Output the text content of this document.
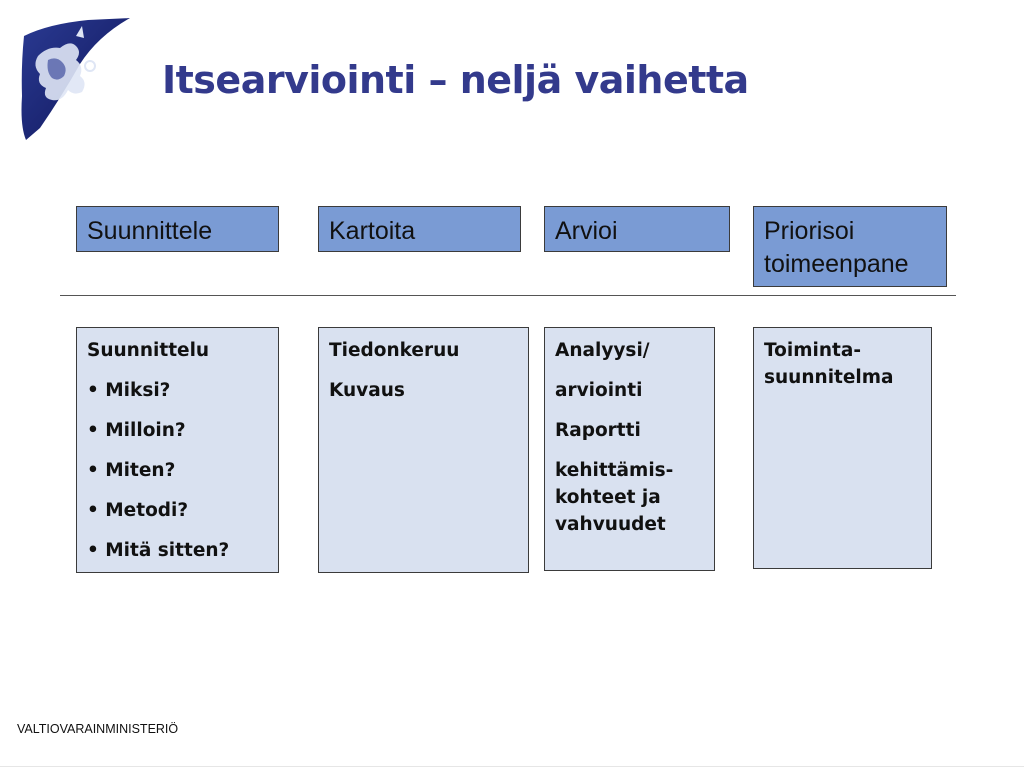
Itsearviointi – neljä vaihetta
Suunnittele	Kartoita	Arvioi	Priorisoi
toimeenpane

Suunnittelu

• Miksi?

• Milloin?

• Miten?

• Metodi?

• Mitä sitten?

Tiedonkeruu

Kuvaus

Analyysi/

arviointi

Raportti

kehittämis-

kohteet ja

vahvuudet

Toiminta-

suunnitelma

VALTIOVARAINMINISTERIÖ
